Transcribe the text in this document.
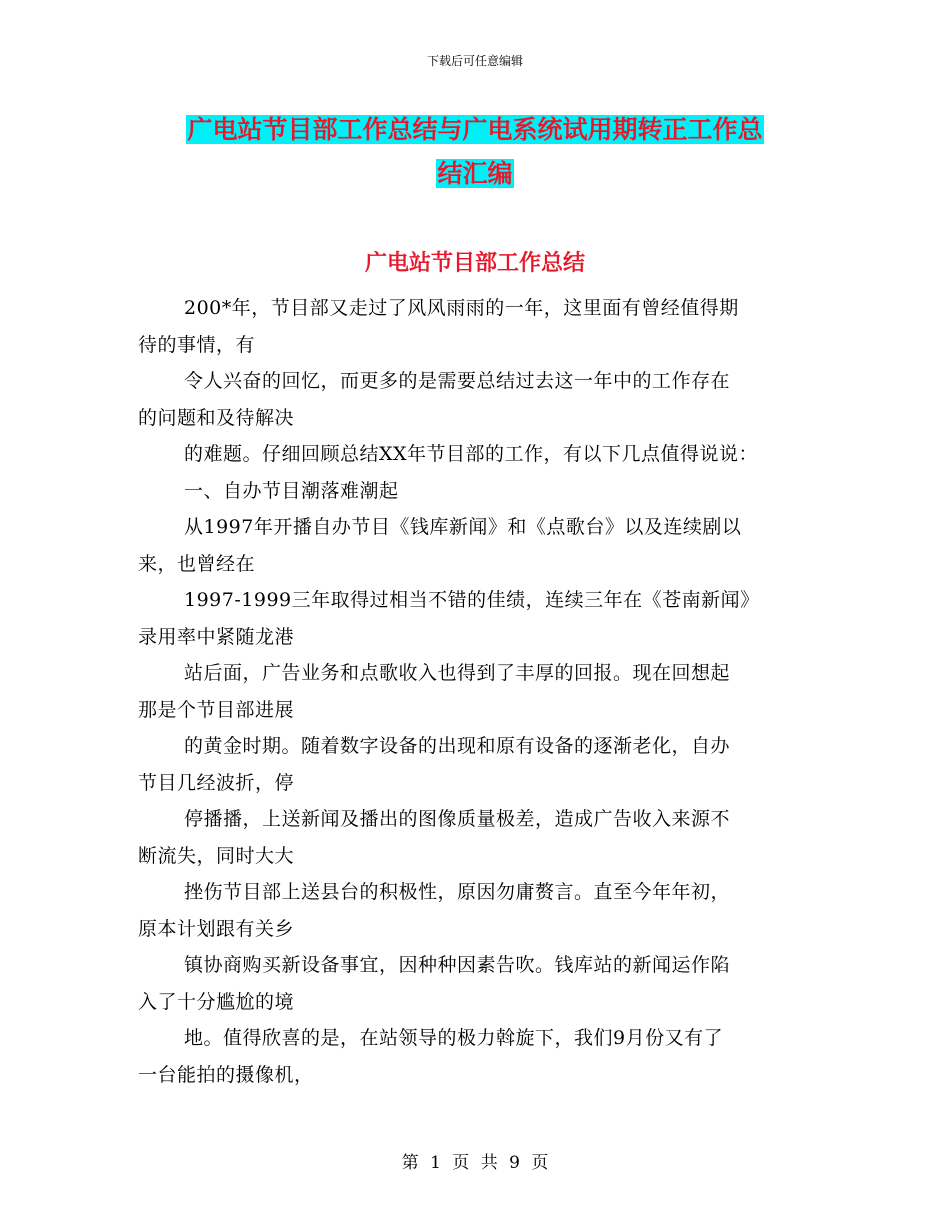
下载后可任意编辑
广电站节目部工作总结与广电系统试用期转正工作总
结汇编
广电站节目部工作总结

200*年，节目部又走过了风风雨雨的一年，这里面有曾经值得期

待的事情，有

令人兴奋的回忆，而更多的是需要总结过去这一年中的工作存在

的问题和及待解决

的难题。仔细回顾总结XX年节目部的工作，有以下几点值得说说：

一、自办节目潮落难潮起

从1997年开播自办节目《钱库新闻》和《点歌台》以及连续剧以

来，也曾经在

1997-1999三年取得过相当不错的佳绩，连续三年在《苍南新闻》

录用率中紧随龙港

站后面，广告业务和点歌收入也得到了丰厚的回报。现在回想起

那是个节目部进展

的黄金时期。随着数字设备的出现和原有设备的逐渐老化，自办

节目几经波折，停

停播播，上送新闻及播出的图像质量极差，造成广告收入来源不

断流失，同时大大

挫伤节目部上送县台的积极性，原因勿庸赘言。直至今年年初，

原本计划跟有关乡

镇协商购买新设备事宜，因种种因素告吹。钱库站的新闻运作陷

入了十分尴尬的境

地。值得欣喜的是，在站领导的极力斡旋下，我们9月份又有了

一台能拍的摄像机，

第 1 页 共 9 页
